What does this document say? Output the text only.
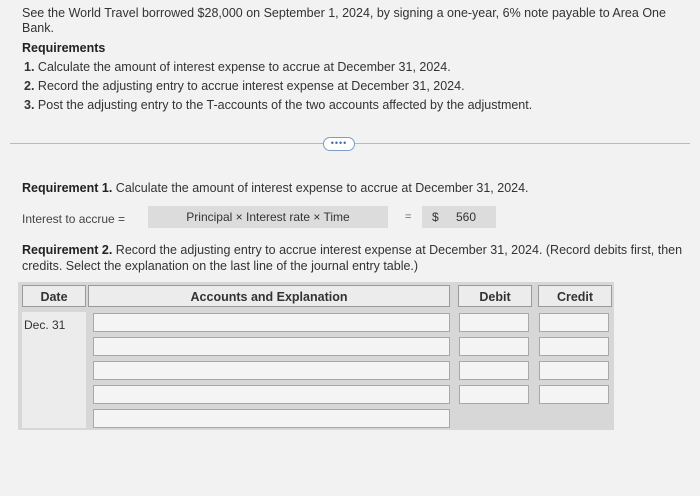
See the World Travel borrowed $28,000 on September 1, 2024, by signing a one-year, 6% note payable to Area One Bank.
Requirements
1. Calculate the amount of interest expense to accrue at December 31, 2024.
2. Record the adjusting entry to accrue interest expense at December 31, 2024.
3. Post the adjusting entry to the T-accounts of the two accounts affected by the adjustment.
••••
Requirement 1. Calculate the amount of interest expense to accrue at December 31, 2024.
Interest to accrue =	Principal × Interest rate × Time	= $ 560
Requirement 2. Record the adjusting entry to accrue interest expense at December 31, 2024. (Record debits first, then credits. Select the explanation on the last line of the journal entry table.)
Date	Accounts and Explanation	Debit	Credit
Dec. 31
